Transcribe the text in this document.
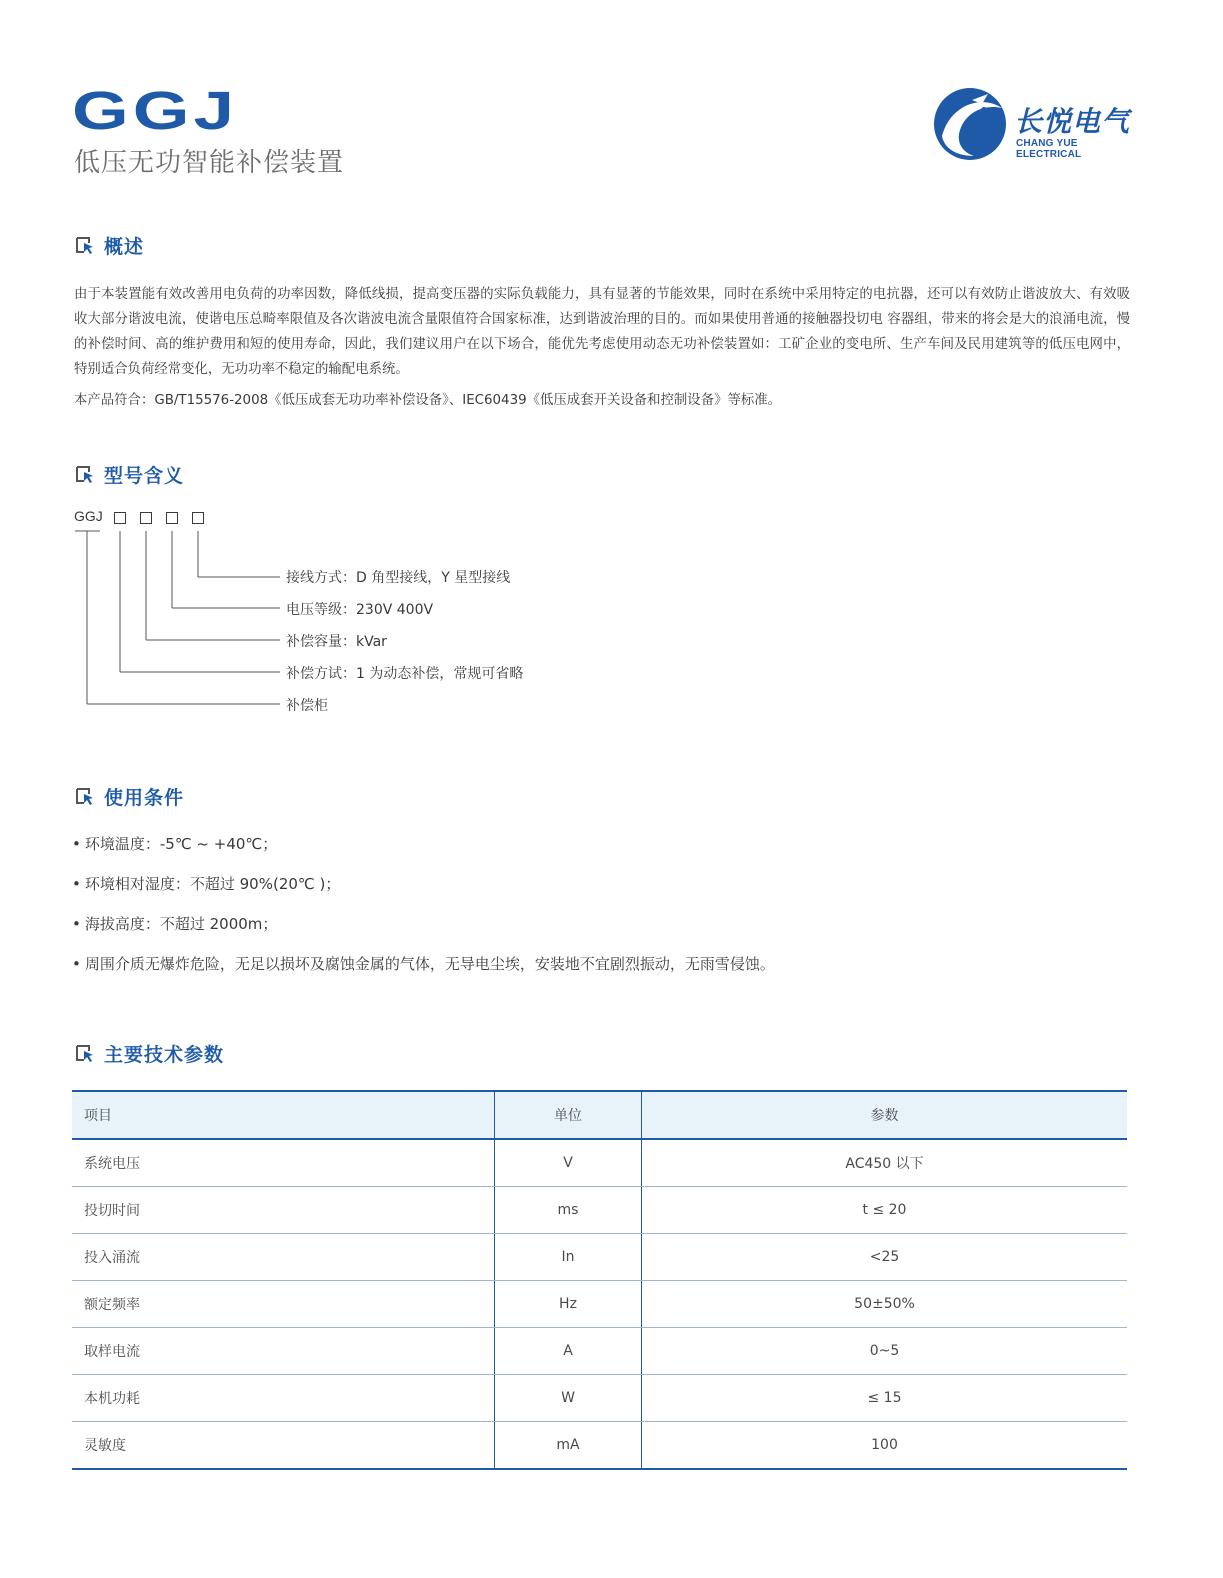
GGJ
低压无功智能补偿装置
长悦电气
CHANG YUE ELECTRICAL
概述
由于本装置能有效改善用电负荷的功率因数，降低线损，提高变压器的实际负载能力，具有显著的节能效果，同时在系统中采用特定的电抗器，还可以有效防止谐波放大、有效吸收大部分谐波电流，使谐电压总畸率限值及各次谐波电流含量限值符合国家标准，达到谐波治理的目的。而如果使用普通的接触器投切电 容器组，带来的将会是大的浪涌电流，慢的补偿时间、高的维护费用和短的使用寿命，因此，我们建议用户在以下场合，能优先考虑使用动态无功补偿装置如：工矿企业的变电所、生产车间及民用建筑等的低压电网中，特别适合负荷经常变化，无功功率不稳定的输配电系统。
本产品符合：GB/T15576-2008《低压成套无功功率补偿设备》、IEC60439《低压成套开关设备和控制设备》等标准。
型号含义
GGJ
接线方式：D 角型接线，Y 星型接线
电压等级：230V 400V
补偿容量：kVar
补偿方试：1 为动态补偿，常规可省略
补偿柜
使用条件
• 环境温度：-5℃ ~ +40℃；
• 环境相对湿度：不超过 90%(20℃ )；
• 海拔高度：不超过 2000m；
• 周围介质无爆炸危险，无足以损坏及腐蚀金属的气体，无导电尘埃，安装地不宜剧烈振动，无雨雪侵蚀。
主要技术参数
项目	单位	参数
系统电压	V	AC450 以下
投切时间	ms	t ≤ 20
投入涌流	In	<25
额定频率	Hz	50±50%
取样电流	A	0~5
本机功耗	W	≤ 15
灵敏度	mA	100
